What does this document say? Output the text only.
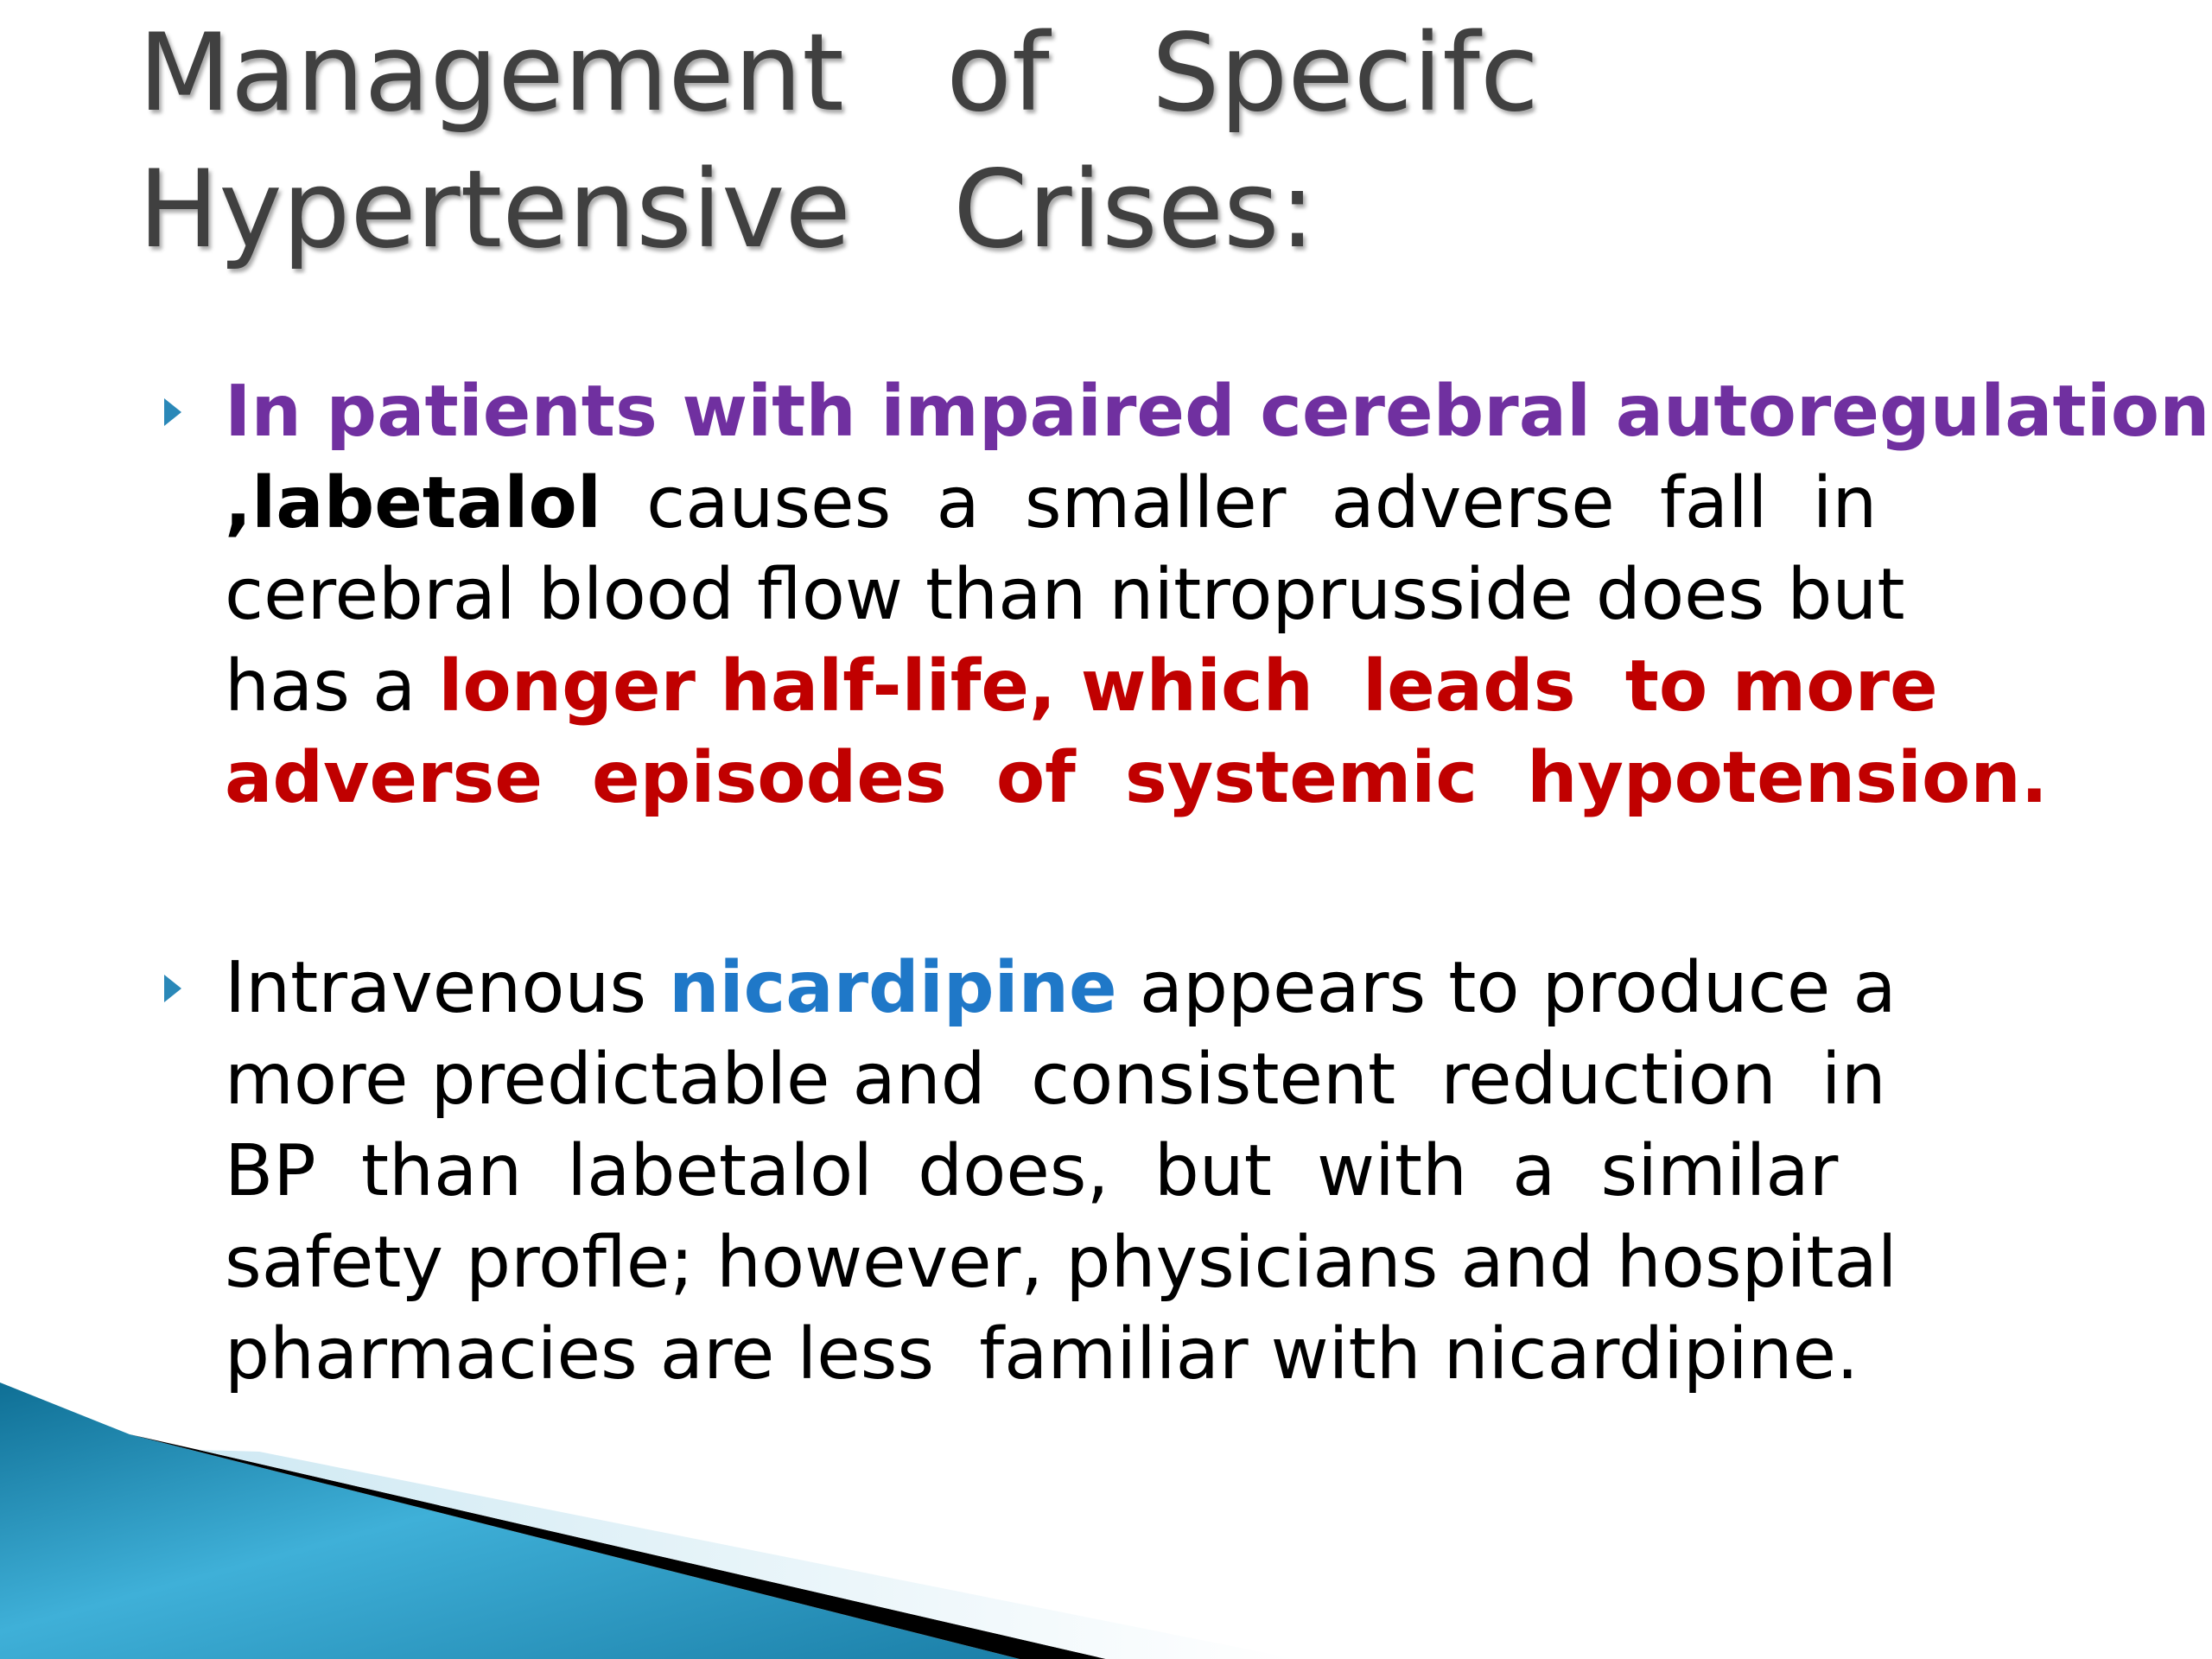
Management   of   Specifc
Hypertensive   Crises:
In patients with impaired cerebral autoregulation
,labetalol  causes  a  smaller  adverse  fall  in
cerebral blood flow than nitroprusside does but
has a longer half-life, which  leads  to more
adverse  episodes  of  systemic  hypotension.
Intravenous nicardipine appears to produce a
more predictable and  consistent  reduction  in
BP  than  labetalol  does,  but  with  a  similar
safety profle; however, physicians and hospital
pharmacies are less  familiar with nicardipine.
